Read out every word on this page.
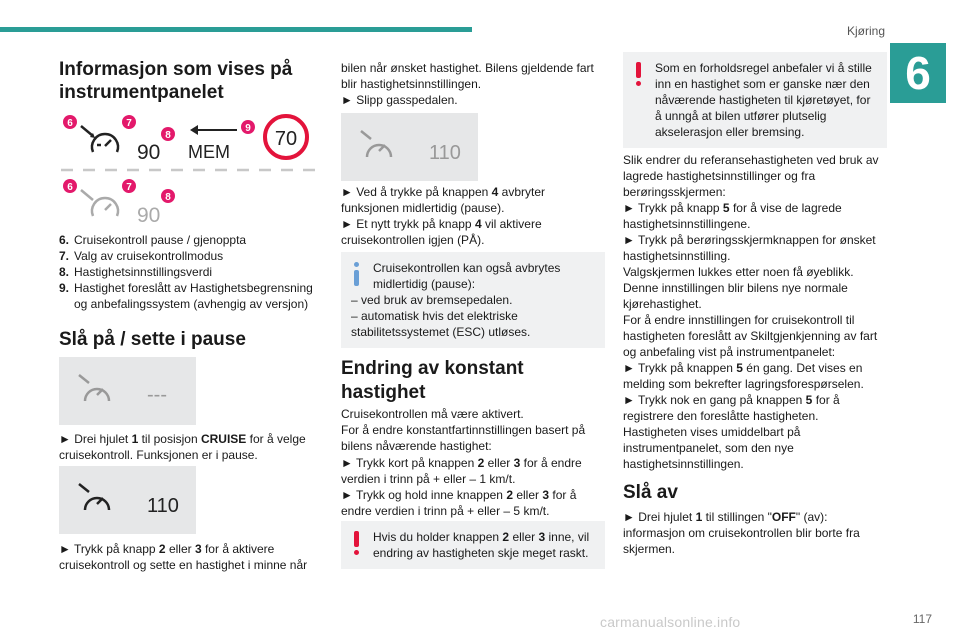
Kjøring
6
carmanualsonline.info	117
Informasjon som vises på instrumentpanelet
6	7
8
90 MEM
9 70
6	7
8
90
6. Cruisekontroll pause / gjenoppta
7. Valg av cruisekontrollmodus
8. Hastighetsinnstillingsverdi
9. Hastighet foreslått av Hastighetsbegrensning og anbefalingssystem (avhengig av versjon)
Slå på / sette i pause
---

► Drei hjulet 1 til posisjon CRUISE for å velge cruisekontroll. Funksjonen er i pause.

110

► Trykk på knapp 2 eller 3 for å aktivere cruisekontroll og sette en hastighet i minne når

bilen når ønsket hastighet. Bilens gjeldende fart blir hastighetsinnstillingen.

► Slipp gasspedalen.

110

► Ved å trykke på knappen 4 avbryter funksjonen midlertidig (pause).

► Et nytt trykk på knapp 4 vil aktivere cruisekontrollen igjen (PÅ).

Cruisekontrollen kan også avbrytes midlertidig (pause):
– ved bruk av bremsepedalen.
– automatisk hvis det elektriske stabilitetssystemet (ESC) utløses.
Endring av konstant hastighet

Cruisekontrollen må være aktivert.

For å endre konstantfartinnstillingen basert på bilens nåværende hastighet:

► Trykk kort på knappen 2 eller 3 for å endre verdien i trinn på + eller – 1 km/t.

► Trykk og hold inne knappen 2 eller 3 for å endre verdien i trinn på + eller – 5 km/t.

Hvis du holder knappen 2 eller 3 inne, vil endring av hastigheten skje meget raskt.
Som en forholdsregel anbefaler vi å stille inn en hastighet som er ganske nær den nåværende hastigheten til kjøretøyet, for å unngå at bilen utfører plutselig akselerasjon eller bremsing.

Slik endrer du referansehastigheten ved bruk av lagrede hastighetsinnstillinger og fra berøringsskjermen:

► Trykk på knapp 5 for å vise de lagrede hastighetsinnstillingene.

► Trykk på berøringsskjermknappen for ønsket hastighetsinnstilling.

Valgskjermen lukkes etter noen få øyeblikk. Denne innstillingen blir bilens nye normale kjørehastighet.

For å endre innstillingen for cruisekontroll til hastigheten foreslått av Skiltgjenkjenning av fart og anbefaling vist på instrumentpanelet:

► Trykk på knappen 5 én gang. Det vises en melding som bekrefter lagringsforespørselen.

► Trykk nok en gang på knappen 5 for å registrere den foreslåtte hastigheten.

Hastigheten vises umiddelbart på instrumentpanelet, som den nye hastighetsinnstillingen.

Slå av

► Drei hjulet 1 til stillingen "OFF" (av): informasjon om cruisekontrollen blir borte fra skjermen.
